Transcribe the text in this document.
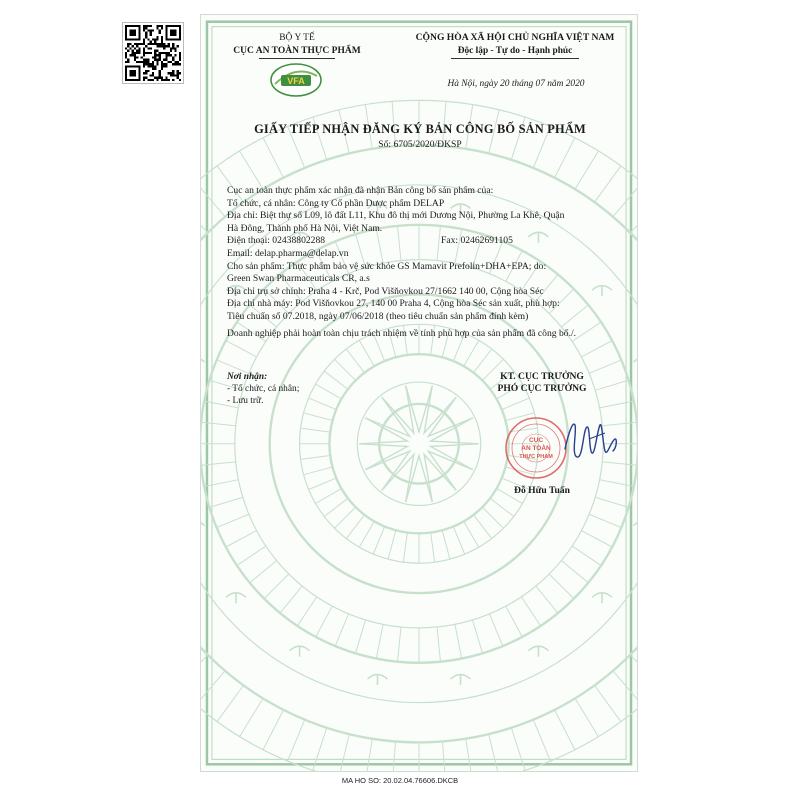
BỘ Y TẾ
CỤC AN TOÀN THỰC PHẨM
VFA
CỘNG HÒA XÃ HỘI CHỦ NGHĨA VIỆT NAM
Độc lập - Tự do - Hạnh phúc
Hà Nội, ngày 20 tháng 07 năm 2020
GIẤY TIẾP NHẬN ĐĂNG KÝ BẢN CÔNG BỐ SẢN PHẨM
Số: 6705/2020/ĐKSP
Cục an toàn thực phẩm xác nhận đã nhận Bản công bố sản phẩm của:
Tổ chức, cá nhân: Công ty Cổ phần Dược phẩm DELAP
Địa chỉ: Biệt thự số L09, lô đất L11, Khu đô thị mới Dương Nội, Phường La Khê, Quận
Hà Đông, Thành phố Hà Nội, Việt Nam.
Điện thoại: 02438802288	Fax: 02462691105
Email: delap.pharma@delap.vn
Cho sản phẩm: Thực phẩm bảo vệ sức khỏe GS Mamavit Prefolin+DHA+EPA; do:
Green Swan Pharmaceuticals CR, a.s
Địa chỉ trụ sở chính: Praha 4 - Krč, Pod Višňovkou 27/1662 140 00, Cộng hòa Séc
Địa chỉ nhà máy: Pod Višňovkou 27, 140 00 Praha 4, Cộng hòa Séc sản xuất, phù hợp:
Tiêu chuẩn số 07.2018, ngày 07/06/2018 (theo tiêu chuẩn sản phẩm đính kèm)
Doanh nghiệp phải hoàn toàn chịu trách nhiệm về tính phù hợp của sản phẩm đã công bố./.
Nơi nhận:
- Tổ chức, cá nhân;
- Lưu trữ.
KT. CỤC TRƯỞNG
PHÓ CỤC TRƯỞNG
CỤC
AN TOÀN
THỰC PHẨM
Đỗ Hữu Tuấn
MA HO SO: 20.02.04.76606.DKCB
